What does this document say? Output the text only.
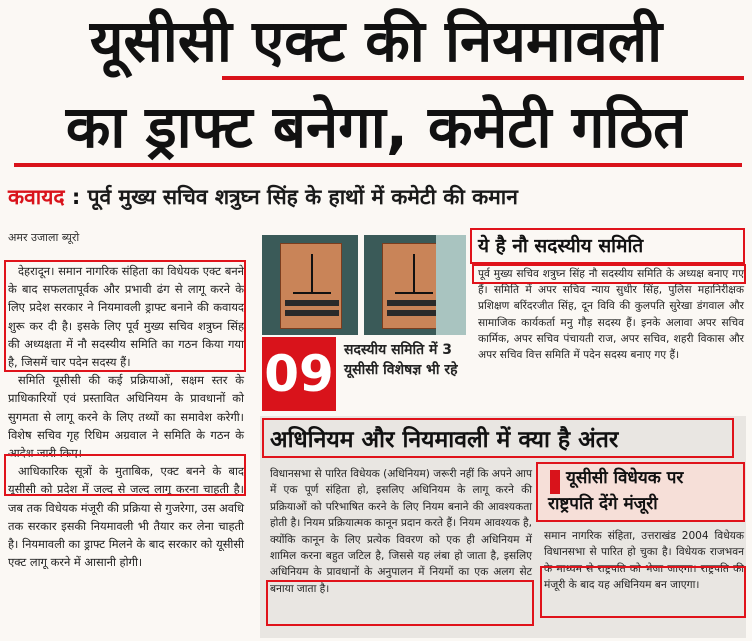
यूसीसी एक्ट की नियमावली
का ड्राफ्ट बनेगा, कमेटी गठित
कवायद : पूर्व मुख्य सचिव शत्रुघ्न सिंह के हाथों में कमेटी की कमान
अमर उजाला ब्यूरो

देहरादून। समान नागरिक संहिता का विधेयक एक्ट बनने के बाद सफलतापूर्वक और प्रभावी ढंग से लागू करने के लिए प्रदेश सरकार ने नियमावली ड्राफ्ट बनाने की कवायद शुरू कर दी है। इसके लिए पूर्व मुख्य सचिव शत्रुघ्न सिंह की अध्यक्षता में नौ सदस्यीय समिति का गठन किया गया है, जिसमें चार पदेन सदस्य हैं।

समिति यूसीसी की कई प्रक्रियाओं, सक्षम स्तर के प्राधिकारियों एवं प्रस्तावित अधिनियम के प्रावधानों को सुगमता से लागू करने के लिए तथ्यों का समावेश करेगी। विशेष सचिव गृह रिधिम अग्रवाल ने समिति के गठन के आदेश जारी किए।

आधिकारिक सूत्रों के मुताबिक, एक्ट बनने के बाद यूसीसी को प्रदेश में जल्द से जल्द लागू करना चाहती है। जब तक विधेयक मंजूरी की प्रक्रिया से गुजरेगा, उस अवधि तक सरकार इसकी नियमावली भी तैयार कर लेना चाहती है। नियमावली का ड्राफ्ट मिलने के बाद सरकार को यूसीसी एक्ट लागू करने में आसानी होगी।

09 सदस्यीय समिति में 3 यूसीसी विशेषज्ञ भी रहे
ये है नौ सदस्यीय समिति
पूर्व मुख्य सचिव शत्रुघ्न सिंह नौ सदस्यीय समिति के अध्यक्ष बनाए गए हैं। समिति में अपर सचिव न्याय सुधीर सिंह, पुलिस महानिरीक्षक प्रशिक्षण बरिंदरजीत सिंह, दून विवि की कुलपति सुरेखा डंगवाल और सामाजिक कार्यकर्ता मनु गौड़ सदस्य हैं। इनके अलावा अपर सचिव कार्मिक, अपर सचिव पंचायती राज, अपर सचिव, शहरी विकास और अपर सचिव वित्त समिति में पदेन सदस्य बनाए गए हैं।
अधिनियम और नियमावली में क्या है अंतर
विधानसभा से पारित विधेयक (अधिनियम) जरूरी नहीं कि अपने आप में एक पूर्ण संहिता हो, इसलिए अधिनियम के लागू करने की प्रक्रियाओं को परिभाषित करने के लिए नियम बनाने की आवश्यकता होती है। नियम प्रक्रियात्मक कानून प्रदान करते हैं। नियम आवश्यक है, क्योंकि कानून के लिए प्रत्येक विवरण को एक ही अधिनियम में शामिल करना बहुत जटिल है, जिससे यह लंबा हो जाता है, इसलिए अधिनियम के प्रावधानों के अनुपालन में नियमों का एक अलग सेट बनाया जाता है।
यूसीसी विधेयक पर
राष्ट्रपति देंगे मंजूरी
समान नागरिक संहिता, उत्तराखंड 2004 विधेयक विधानसभा से पारित हो चुका है। विधेयक राजभवन के माध्यम से राष्ट्रपति को भेजा जाएगा। राष्ट्रपति की मंजूरी के बाद यह अधिनियम बन जाएगा।
